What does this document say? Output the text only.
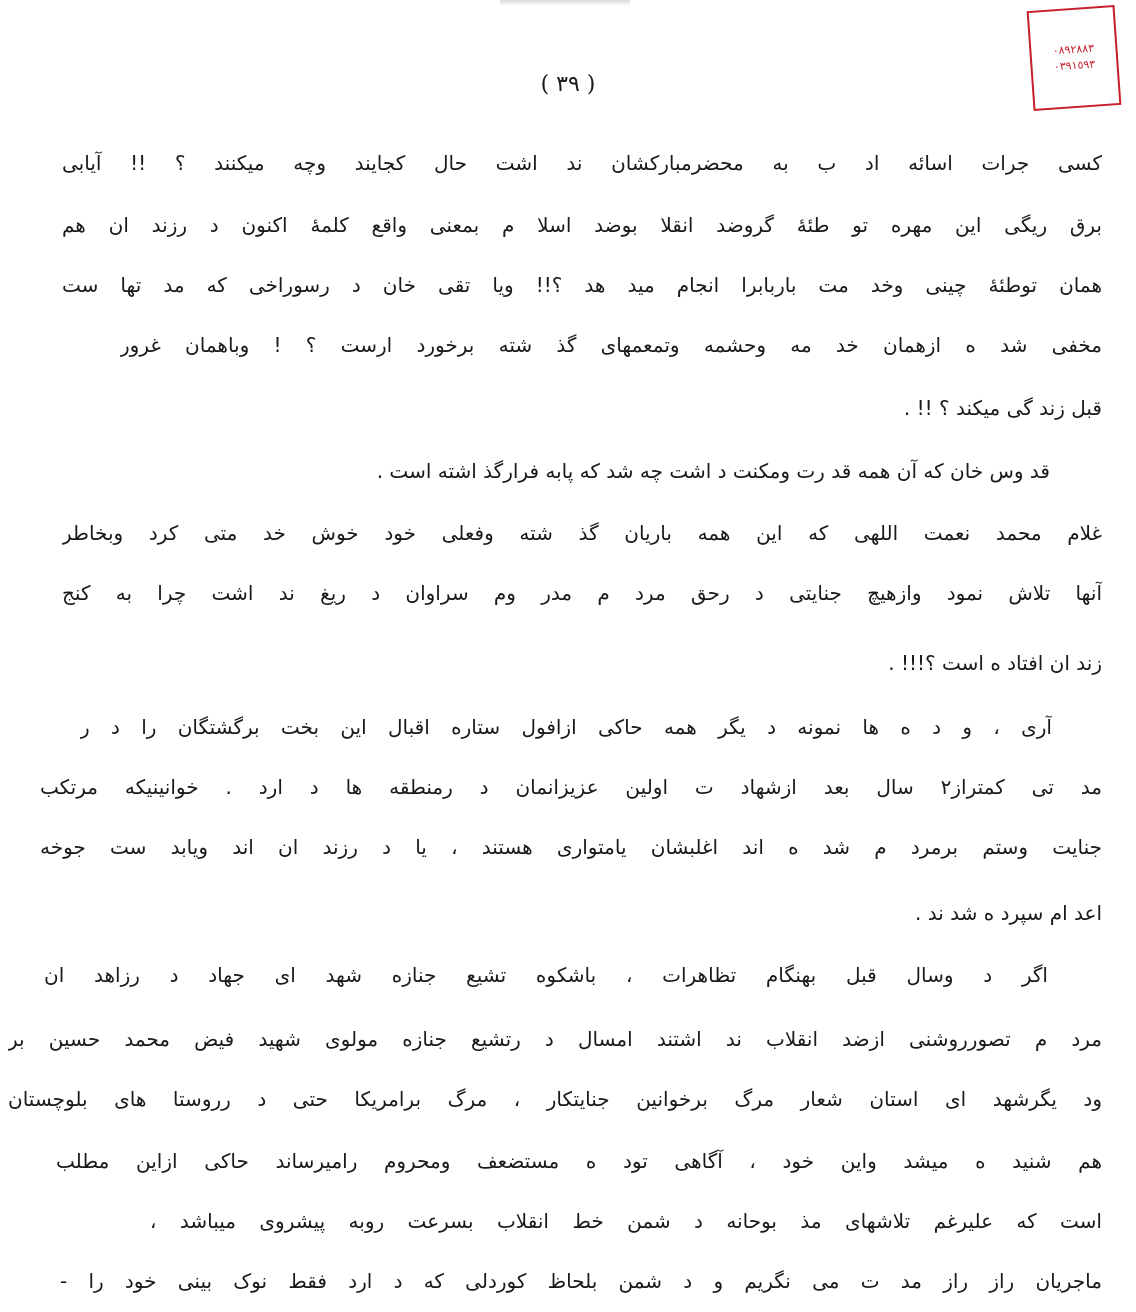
٠٨٩٢٨٨٣
٠٣٩١٥٩٣
( ٣٩ )
کسی جرات اسائه اد ب به محضرمبارکشان ند اشت حال کجایند وچه میکنند ؟ !! آیابی
برق ریگی این مهره تو طئهٔ گروضد انقلا بوضد اسلا م بمعنی واقع کلمهٔ اکنون د رزند ان هم
همان توطئهٔ چینی وخد مت باربابرا انجام مید هد ؟!! ویا تقی خان د رسوراخی که مد تها ست
مخفی شد ه ازهمان خد مه وحشمه وتمعمهای گذ شته برخورد ارست ؟ ! وباهمان غرور
قبل زند گی میکند ؟ !! .
قد وس خان که آن همه قد رت ومکنت د اشت چه شد که پابه فرارگذ اشته است .
غلام محمد نعمت اللهی که این همه باریان گذ شته وفعلی خود خوش خد متی کرد وبخاطر
آنها تلاش نمود وازهیچ جنایتی د رحق مرد م مدر وم سراوان د ریغ ند اشت چرا به کنج
زند ان افتاد ه است ؟!!! .
آری ، و د ه ها نمونه د یگر همه حاکی ازافول ستاره اقبال این بخت برگشتگان را د ر
مد تی کمتراز۲ سال بعد ازشهاد ت اولین عزیزانمان د رمنطقه ها د ارد . خوانینیکه مرتکب
جنایت وستم برمرد م شد ه اند اغلبشان یامتواری هستند ، یا د رزند ان اند ویابد ست جوخه
اعد ام سپرد ه شد ند .
اگر د وسال قبل بهنگام تظاهرات ، باشکوه تشیع جنازه شهد ای جهاد د رزاهد ان
مرد م تصورروشنی ازضد انقلاب ند اشتند امسال د رتشیع جنازه مولوی شهید فیض محمد حسین بر
ود یگرشهد ای استان شعار مرگ برخوانین جنایتکار ، مرگ برامریکا حتی د رروستا های بلوچستان
هم شنید ه میشد واین خود ، آگاهی تود ه مستضعف ومحروم رامیرساند حاکی ازاین مطلب
است که علیرغم تلاشهای مذ بوحانه د شمن خط انقلاب بسرعت روبه پیشروی میباشد ،
ماجریان راز راز مد ت می نگریم و د شمن بلحاظ کوردلی که د ارد فقط نوک بینی خود را -
